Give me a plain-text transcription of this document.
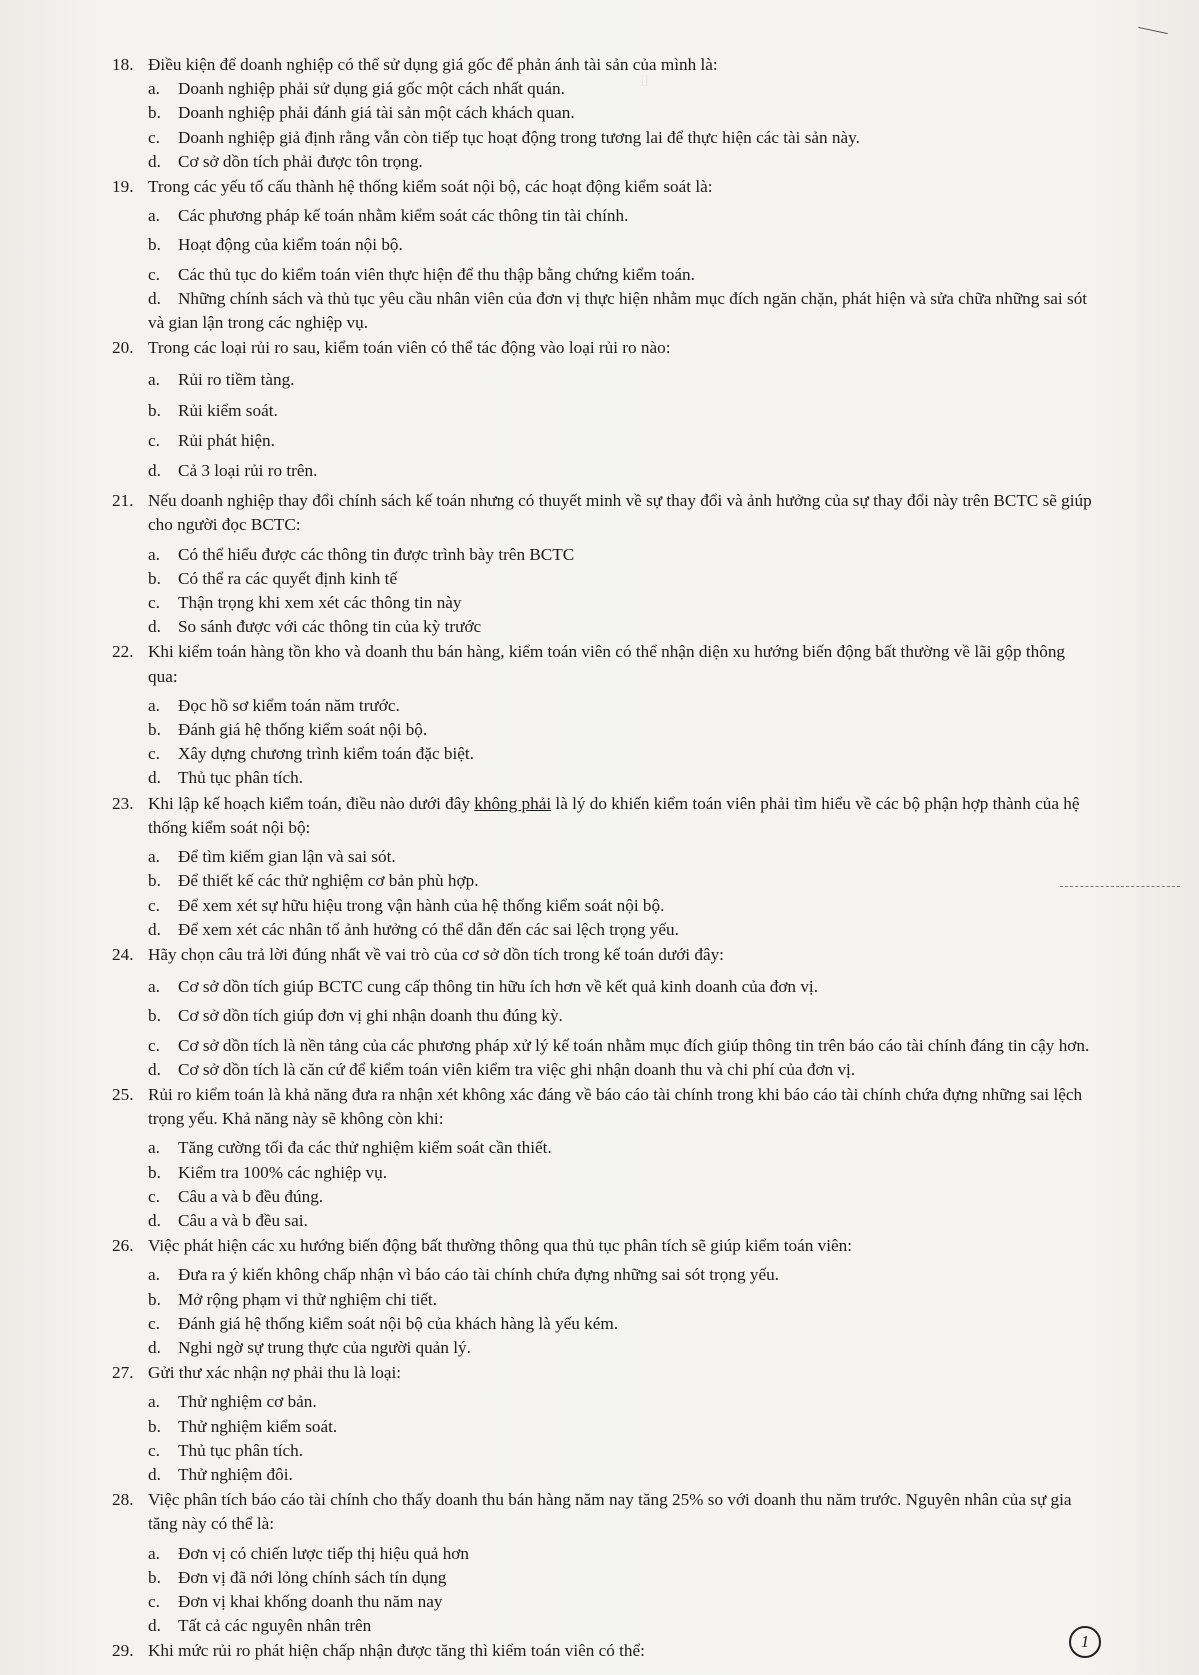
ii
18. Điều kiện để doanh nghiệp có thể sử dụng giá gốc để phản ánh tài sản của mình là:
a. Doanh nghiệp phải sử dụng giá gốc một cách nhất quán.
b. Doanh nghiệp phải đánh giá tài sản một cách khách quan.
c. Doanh nghiệp giả định rằng vẫn còn tiếp tục hoạt động trong tương lai để thực hiện các tài sản này.
d. Cơ sở dồn tích phải được tôn trọng.
19. Trong các yếu tố cấu thành hệ thống kiểm soát nội bộ, các hoạt động kiểm soát là:
a. Các phương pháp kế toán nhằm kiểm soát các thông tin tài chính.
b. Hoạt động của kiểm toán nội bộ.
c. Các thủ tục do kiểm toán viên thực hiện để thu thập bằng chứng kiểm toán.
d. Những chính sách và thủ tục yêu cầu nhân viên của đơn vị thực hiện nhằm mục đích ngăn chặn, phát hiện và sửa chữa những sai sót và gian lận trong các nghiệp vụ.
20. Trong các loại rủi ro sau, kiểm toán viên có thể tác động vào loại rủi ro nào:
a. Rủi ro tiềm tàng.
b. Rủi kiểm soát.
c. Rủi phát hiện.
d. Cả 3 loại rủi ro trên.
21. Nếu doanh nghiệp thay đổi chính sách kế toán nhưng có thuyết minh về sự thay đổi và ảnh hưởng của sự thay đổi này trên BCTC sẽ giúp cho người đọc BCTC:
a. Có thể hiểu được các thông tin được trình bày trên BCTC
b. Có thể ra các quyết định kinh tế
c. Thận trọng khi xem xét các thông tin này
d. So sánh được với các thông tin của kỳ trước
22. Khi kiểm toán hàng tồn kho và doanh thu bán hàng, kiểm toán viên có thể nhận diện xu hướng biến động bất thường về lãi gộp thông qua:
a. Đọc hồ sơ kiểm toán năm trước.
b. Đánh giá hệ thống kiểm soát nội bộ.
c. Xây dựng chương trình kiểm toán đặc biệt.
d. Thủ tục phân tích.
23. Khi lập kế hoạch kiểm toán, điều nào dưới đây không phải là lý do khiến kiểm toán viên phải tìm hiểu về các bộ phận hợp thành của hệ thống kiểm soát nội bộ:
a. Để tìm kiếm gian lận và sai sót.
b. Để thiết kế các thử nghiệm cơ bản phù hợp.
c. Để xem xét sự hữu hiệu trong vận hành của hệ thống kiểm soát nội bộ.
d. Để xem xét các nhân tố ảnh hưởng có thể dẫn đến các sai lệch trọng yếu.
24. Hãy chọn câu trả lời đúng nhất về vai trò của cơ sở dồn tích trong kế toán dưới đây:
a. Cơ sở dồn tích giúp BCTC cung cấp thông tin hữu ích hơn về kết quả kinh doanh của đơn vị.
b. Cơ sở dồn tích giúp đơn vị ghi nhận doanh thu đúng kỳ.
c. Cơ sở dồn tích là nền tảng của các phương pháp xử lý kế toán nhằm mục đích giúp thông tin trên báo cáo tài chính đáng tin cậy hơn.
d. Cơ sở dồn tích là căn cứ để kiểm toán viên kiểm tra việc ghi nhận doanh thu và chi phí của đơn vị.
25. Rủi ro kiểm toán là khả năng đưa ra nhận xét không xác đáng về báo cáo tài chính trong khi báo cáo tài chính chứa đựng những sai lệch trọng yếu. Khả năng này sẽ không còn khi:
a. Tăng cường tối đa các thử nghiệm kiểm soát cần thiết.
b. Kiểm tra 100% các nghiệp vụ.
c. Câu a và b đều đúng.
d. Câu a và b đều sai.
26. Việc phát hiện các xu hướng biến động bất thường thông qua thủ tục phân tích sẽ giúp kiểm toán viên:
a. Đưa ra ý kiến không chấp nhận vì báo cáo tài chính chứa đựng những sai sót trọng yếu.
b. Mở rộng phạm vi thử nghiệm chi tiết.
c. Đánh giá hệ thống kiểm soát nội bộ của khách hàng là yếu kém.
d. Nghi ngờ sự trung thực của người quản lý.
27. Gửi thư xác nhận nợ phải thu là loại:
a. Thử nghiệm cơ bản.
b. Thử nghiệm kiểm soát.
c. Thủ tục phân tích.
d. Thử nghiệm đôi.
28. Việc phân tích báo cáo tài chính cho thấy doanh thu bán hàng năm nay tăng 25% so với doanh thu năm trước. Nguyên nhân của sự gia tăng này có thể là:
a. Đơn vị có chiến lược tiếp thị hiệu quả hơn
b. Đơn vị đã nới lỏng chính sách tín dụng
c. Đơn vị khai khống doanh thu năm nay
d. Tất cả các nguyên nhân trên
29. Khi mức rủi ro phát hiện chấp nhận được tăng thì kiểm toán viên có thể:	1
